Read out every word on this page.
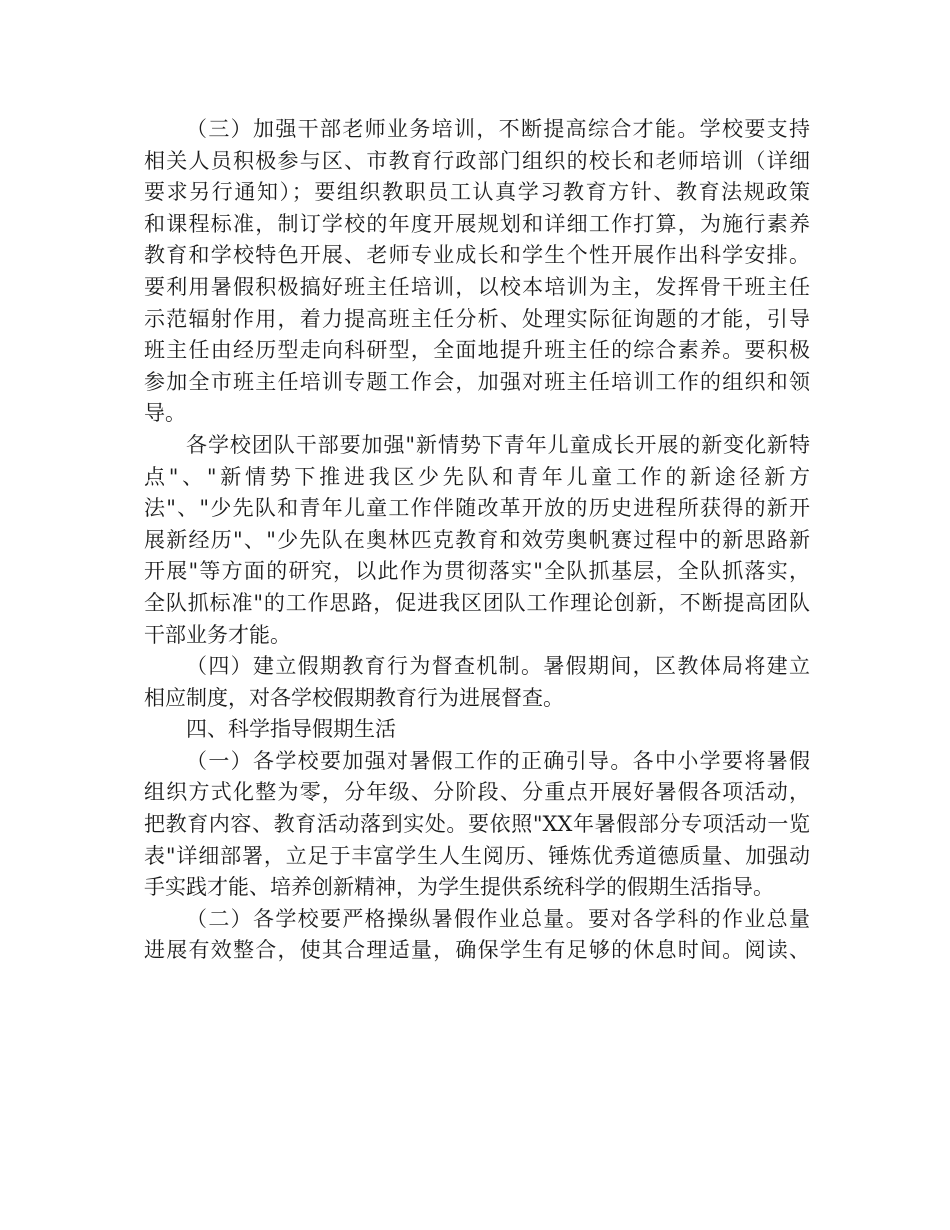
（三）加强干部老师业务培训，不断提高综合才能。学校要支持
相关人员积极参与区、市教育行政部门组织的校长和老师培训（详细
要求另行通知）；要组织教职员工认真学习教育方针、教育法规政策
和课程标准，制订学校的年度开展规划和详细工作打算，为施行素养
教育和学校特色开展、老师专业成长和学生个性开展作出科学安排。
要利用暑假积极搞好班主任培训，以校本培训为主，发挥骨干班主任
示范辐射作用，着力提高班主任分析、处理实际征询题的才能，引导
班主任由经历型走向科研型，全面地提升班主任的综合素养。要积极
参加全市班主任培训专题工作会，加强对班主任培训工作的组织和领
导。
各学校团队干部要加强"新情势下青年儿童成长开展的新变化新特
点"、"新情势下推进我区少先队和青年儿童工作的新途径新方
法"、"少先队和青年儿童工作伴随改革开放的历史进程所获得的新开
展新经历"、"少先队在奥林匹克教育和效劳奥帆赛过程中的新思路新
开展"等方面的研究，以此作为贯彻落实"全队抓基层，全队抓落实，
全队抓标准"的工作思路，促进我区团队工作理论创新，不断提高团队
干部业务才能。
（四）建立假期教育行为督查机制。暑假期间，区教体局将建立
相应制度，对各学校假期教育行为进展督查。
四、科学指导假期生活
（一）各学校要加强对暑假工作的正确引导。各中小学要将暑假
组织方式化整为零，分年级、分阶段、分重点开展好暑假各项活动，
把教育内容、教育活动落到实处。要依照"XX年暑假部分专项活动一览
表"详细部署，立足于丰富学生人生阅历、锤炼优秀道德质量、加强动
手实践才能、培养创新精神，为学生提供系统科学的假期生活指导。
（二）各学校要严格操纵暑假作业总量。要对各学科的作业总量
进展有效整合，使其合理适量，确保学生有足够的休息时间。阅读、
